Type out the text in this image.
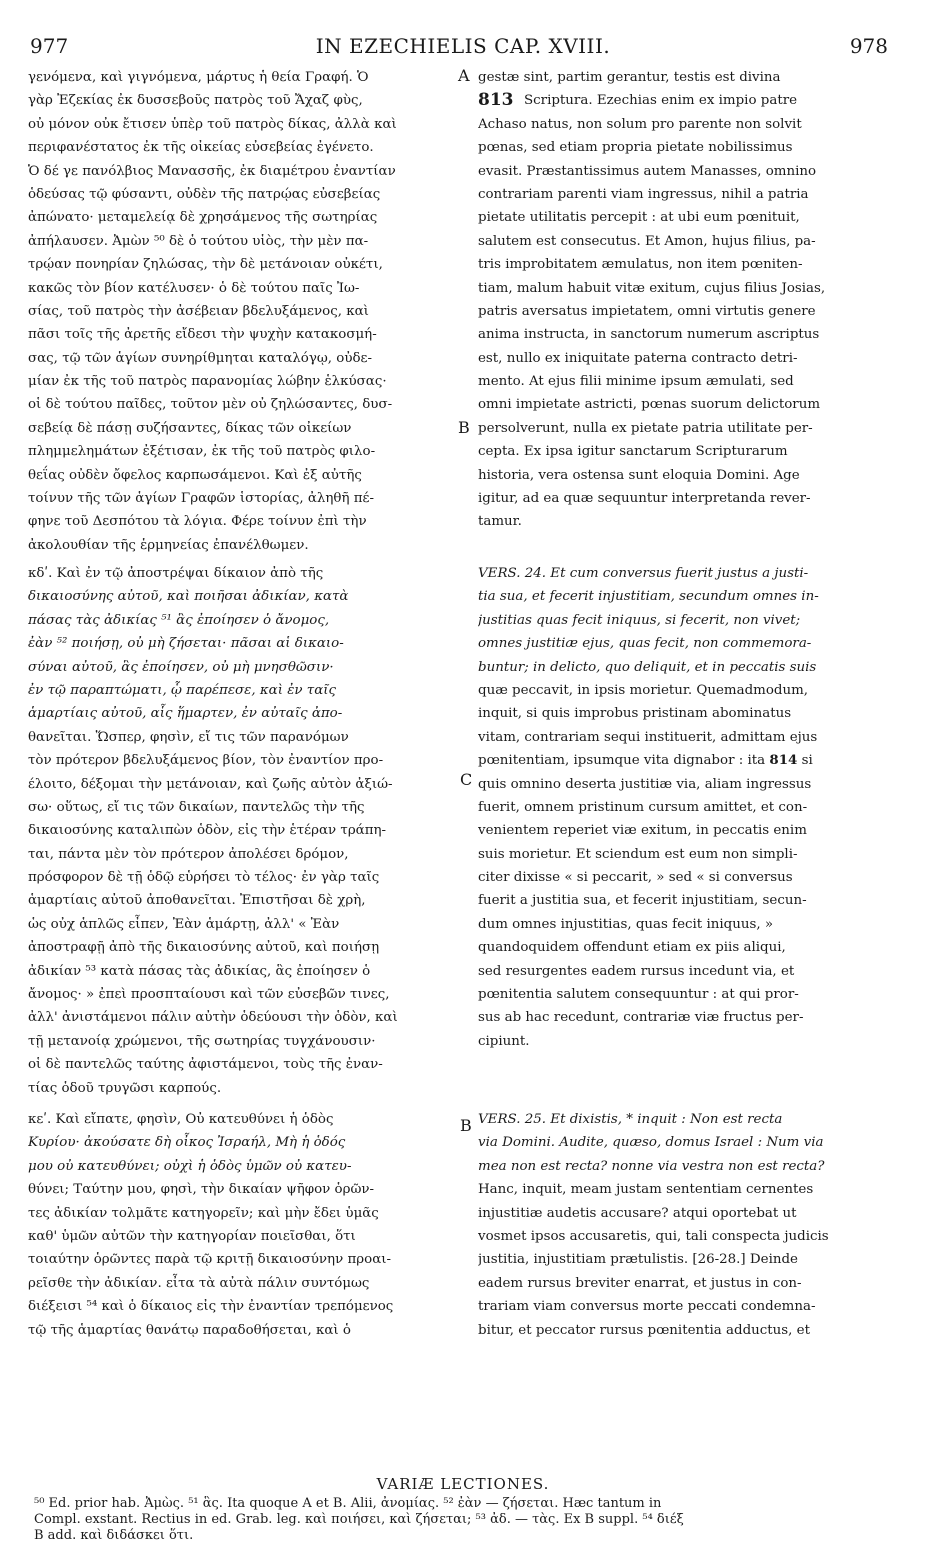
977	IN EZECHIELIS CAP. XVIII.	978
A
B
C
B
γενόμενα, καὶ γιγνόμενα, μάρτυς ἡ θεία Γραφή. Ὁ
γὰρ Ἐζεκίας ἐκ δυσσεβοῦς πατρὸς τοῦ Ἄχαζ φὺς,
οὐ μόνον οὐκ ἔτισεν ὑπὲρ τοῦ πατρὸς δίκας, ἀλλὰ καὶ
περιφανέστατος ἐκ τῆς οἰκείας εὐσεβείας ἐγένετο.
Ὁ δέ γε πανόλβιος Μανασσῆς, ἐκ διαμέτρου ἐναντίαν
ὁδεύσας τῷ φύσαντι, οὐδὲν τῆς πατρῴας εὐσεβείας
ἀπώνατο· μεταμελείᾳ δὲ χρησάμενος τῆς σωτηρίας
ἀπήλαυσεν. Ἀμὼν ⁵⁰ δὲ ὁ τούτου υἱὸς, τὴν μὲν πα-
τρῴαν πονηρίαν ζηλώσας, τὴν δὲ μετάνοιαν οὐκέτι,
κακῶς τὸν βίον κατέλυσεν· ὁ δὲ τούτου παῖς Ἰω-
σίας, τοῦ πατρὸς τὴν ἀσέβειαν βδελυξάμενος, καὶ
πᾶσι τοῖς τῆς ἀρετῆς εἴδεσι τὴν ψυχὴν κατακοσμή-
σας, τῷ τῶν ἁγίων συνηρίθμηται καταλόγῳ, οὐδε-
μίαν ἐκ τῆς τοῦ πατρὸς παρανομίας λώβην ἑλκύσας·
οἱ δὲ τούτου παῖδες, τοῦτον μὲν οὐ ζηλώσαντες, δυσ-
σεβείᾳ δὲ πάσῃ συζήσαντες, δίκας τῶν οἰκείων
πλημμελημάτων ἐξέτισαν, ἐκ τῆς τοῦ πατρὸς φιλο-
θεΐας οὐδὲν ὄφελος καρπωσάμενοι. Καὶ ἐξ αὐτῆς
τοίνυν τῆς τῶν ἁγίων Γραφῶν ἱστορίας, ἀληθῆ πέ-
φηνε τοῦ Δεσπότου τὰ λόγια. Φέρε τοίνυν ἐπὶ τὴν
ἀκολουθίαν τῆς ἑρμηνείας ἐπανέλθωμεν.
κδʹ. Καὶ ἐν τῷ ἀποστρέψαι δίκαιον ἀπὸ τῆς
δικαιοσύνης αὐτοῦ, καὶ ποιῆσαι ἀδικίαν, κατὰ
πάσας τὰς ἀδικίας ⁵¹ ἃς ἐποίησεν ὁ ἄνομος,
ἐὰν ⁵² ποιήσῃ, οὐ μὴ ζήσεται· πᾶσαι αἱ δικαιο-
σύναι αὐτοῦ, ἃς ἐποίησεν, οὐ μὴ μνησθῶσιν·
ἐν τῷ παραπτώματι, ᾧ παρέπεσε, καὶ ἐν ταῖς
ἁμαρτίαις αὐτοῦ, αἷς ἥμαρτεν, ἐν αὐταῖς ἀπο-
θανεῖται. Ὥσπερ, φησὶν, εἴ τις τῶν παρανόμων
τὸν πρότερον βδελυξάμενος βίον, τὸν ἐναντίον προ-
έλοιτο, δέξομαι τὴν μετάνοιαν, καὶ ζωῆς αὐτὸν ἀξιώ-
σω· οὕτως, εἴ τις τῶν δικαίων, παντελῶς τὴν τῆς
δικαιοσύνης καταλιπὼν ὁδὸν, εἰς τὴν ἑτέραν τράπη-
ται, πάντα μὲν τὸν πρότερον ἀπολέσει δρόμον,
πρόσφορον δὲ τῇ ὁδῷ εὑρήσει τὸ τέλος· ἐν γὰρ ταῖς
ἁμαρτίαις αὐτοῦ ἀποθανεῖται. Ἐπιστῆσαι δὲ χρὴ,
ὡς οὐχ ἁπλῶς εἶπεν, Ἐὰν ἁμάρτῃ, ἀλλ' « Ἐὰν
ἀποστραφῇ ἀπὸ τῆς δικαιοσύνης αὐτοῦ, καὶ ποιήσῃ
ἀδικίαν ⁵³ κατὰ πάσας τὰς ἀδικίας, ἃς ἐποίησεν ὁ
ἄνομος· » ἐπεὶ προσπταίουσι καὶ τῶν εὐσεβῶν τινες,
ἀλλ' ἀνιστάμενοι πάλιν αὐτὴν ὁδεύουσι τὴν ὁδὸν, καὶ
τῇ μετανοίᾳ χρώμενοι, τῆς σωτηρίας τυγχάνουσιν·
οἱ δὲ παντελῶς ταύτης ἀφιστάμενοι, τοὺς τῆς ἐναν-
τίας ὁδοῦ τρυγῶσι καρπούς.
κεʹ. Καὶ εἴπατε, φησὶν, Οὐ κατευθύνει ἡ ὁδὸς
Κυρίου· ἀκούσατε δὴ οἶκος Ἰσραήλ, Μὴ ἡ ὁδός
μου οὐ κατευθύνει; οὐχὶ ἡ ὁδὸς ὑμῶν οὐ κατευ-
θύνει; Ταύτην μου, φησὶ, τὴν δικαίαν ψῆφον ὁρῶν-
τες ἀδικίαν τολμᾶτε κατηγορεῖν; καὶ μὴν ἔδει ὑμᾶς
καθ' ὑμῶν αὐτῶν τὴν κατηγορίαν ποιεῖσθαι, ὅτι
τοιαύτην ὁρῶντες παρὰ τῷ κριτῇ δικαιοσύνην προαι-
ρεῖσθε τὴν ἀδικίαν. εἶτα τὰ αὐτὰ πάλιν συντόμως
διέξεισι ⁵⁴ καὶ ὁ δίκαιος εἰς τὴν ἐναντίαν τρεπόμενος
τῷ τῆς ἁμαρτίας θανάτῳ παραδοθήσεται, καὶ ὁ
813
gestæ sint, partim gerantur, testis est divina
Scriptura. Ezechias enim ex impio patre
Achaso natus, non solum pro parente non solvit
pœnas, sed etiam propria pietate nobilissimus
evasit. Præstantissimus autem Manasses, omnino
contrariam parenti viam ingressus, nihil a patria
pietate utilitatis percepit : at ubi eum pœnituit,
salutem est consecutus. Et Amon, hujus filius, pa-
tris improbitatem æmulatus, non item pœniten-
tiam, malum habuit vitæ exitum, cujus filius Josias,
patris aversatus impietatem, omni virtutis genere
anima instructa, in sanctorum numerum ascriptus
est, nullo ex iniquitate paterna contracto detri-
mento. At ejus filii minime ipsum æmulati, sed
omni impietate astricti, pœnas suorum delictorum
persolverunt, nulla ex pietate patria utilitate per-
cepta. Ex ipsa igitur sanctarum Scripturarum
historia, vera ostensa sunt eloquia Domini. Age
igitur, ad ea quæ sequuntur interpretanda rever-
tamur.
VERS. 24. Et cum conversus fuerit justus a justi-
tia sua, et fecerit injustitiam, secundum omnes in-
justitias quas fecit iniquus, si fecerit, non vivet;
omnes justitiæ ejus, quas fecit, non commemora-
buntur; in delicto, quo deliquit, et in peccatis suis
quæ peccavit, in ipsis morietur. Quemadmodum,
inquit, si quis improbus pristinam abominatus
vitam, contrariam sequi instituerit, admittam ejus
pœnitentiam, ipsumque vita dignabor : ita 814 si
quis omnino deserta justitiæ via, aliam ingressus
fuerit, omnem pristinum cursum amittet, et con-
venientem reperiet viæ exitum, in peccatis enim
suis morietur. Et sciendum est eum non simpli-
citer dixisse « si peccarit, » sed « si conversus
fuerit a justitia sua, et fecerit injustitiam, secun-
dum omnes injustitias, quas fecit iniquus, »
quandoquidem offendunt etiam ex piis aliqui,
sed resurgentes eadem rursus incedunt via, et
pœnitentia salutem consequuntur : at qui pror-
sus ab hac recedunt, contrariæ viæ fructus per-
cipiunt.
VERS. 25. Et dixistis, * inquit : Non est recta
via Domini. Audite, quæso, domus Israel : Num via
mea non est recta? nonne via vestra non est recta?
Hanc, inquit, meam justam sententiam cernentes
injustitiæ audetis accusare? atqui oportebat ut
vosmet ipsos accusaretis, qui, tali conspecta judicis
justitia, injustitiam prætulistis. [26-28.] Deinde
eadem rursus breviter enarrat, et justus in con-
trariam viam conversus morte peccati condemna-
bitur, et peccator rursus pœnitentia adductus, et
VARIÆ LECTIONES.
⁵⁰ Ed. prior hab. Ἀμὼς. ⁵¹ ἃς. Ita quoque A et B. Alii, ἀνομίας. ⁵² ἐὰν — ζήσεται. Hæc tantum in
Compl. exstant. Rectius in ed. Grab. leg. καὶ ποιήσει, καὶ ζήσεται; ⁵³ ἀδ. — τὰς. Ex B suppl. ⁵⁴ διέξ
B add. καὶ διδάσκει ὅτι.
